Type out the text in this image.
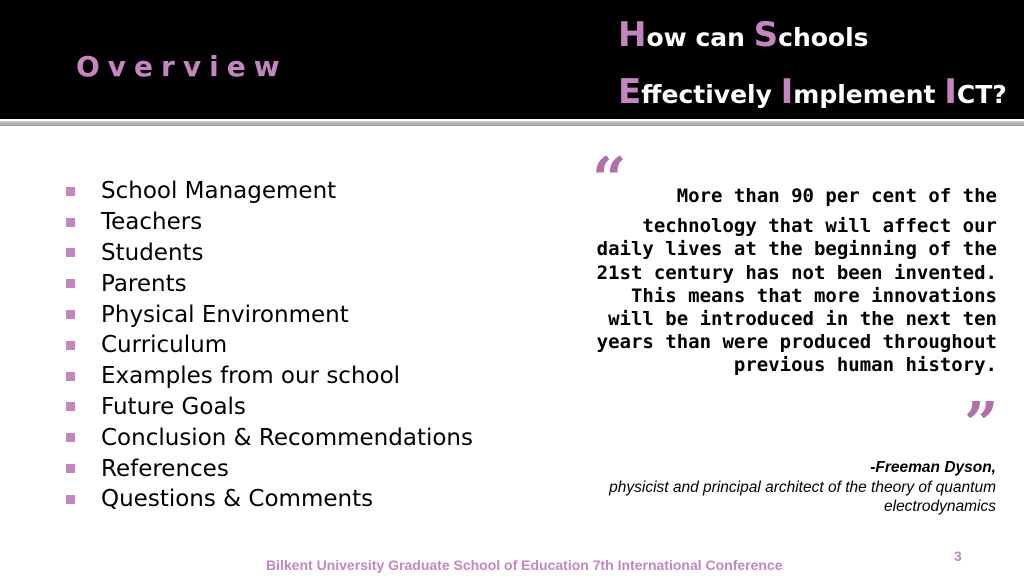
Overview
How can Schools
Effectively Implement ICT?
School Management
Teachers
Students
Parents
Physical Environment
Curriculum
Examples from our school
Future Goals
Conclusion & Recommendations
References
Questions & Comments
“	More than 90 per cent of the
technology that will affect our daily lives at the beginning of the 21st century has not been invented. This means that more innovations will be introduced in the next ten years than were produced throughout previous human history.
”
-Freeman Dyson,
physicist and principal architect of the theory of quantum electrodynamics
Bilkent University Graduate School of Education 7th International Conference
3
